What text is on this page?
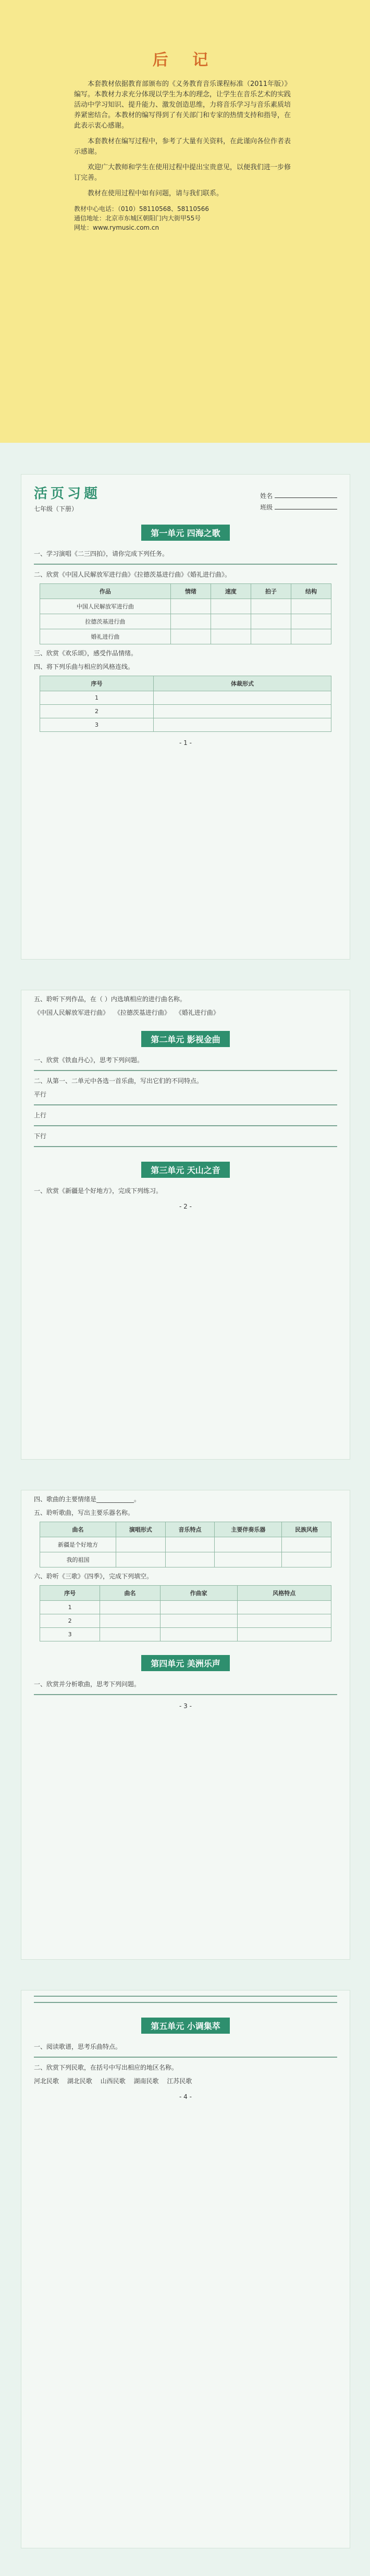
后 记

本套教材依据教育部颁布的《义务教育音乐课程标准（2011年版）》编写。本教材力求充分体现以学生为本的理念，让学生在音乐艺术的实践活动中学习知识、提升能力、激发创造思维，力将音乐学习与音乐素质培养紧密结合。本教材的编写得到了有关部门和专家的热情支持和指导，在此表示衷心感谢。

本套教材在编写过程中，参考了大量有关资料，在此谨向各位作者表示感谢。

欢迎广大教师和学生在使用过程中提出宝贵意见，以便我们进一步修订完善。

教材在使用过程中如有问题，请与我们联系。

教材中心电话：（010）58110568、58110566
通信地址：北京市东城区朝阳门内大街甲55号
网址：www.rymusic.com.cn
活页习题
七年级（下册）
姓名
班级
第一单元 四海之歌
一、学习演唱《二三四拍》，请你完成下列任务。
二、欣赏《中国人民解放军进行曲》《拉德茨基进行曲》《婚礼进行曲》。
作品	情绪	速度	拍子	结构
中国人民解放军进行曲				
拉德茨基进行曲				
婚礼进行曲				
三、欣赏《欢乐颂》，感受作品情绪。
四、将下列乐曲与相应的风格连线。
序号	体裁形式
1	
2	
3	
- 1 -
五、聆听下列作品，在（ ）内选填相应的进行曲名称。
《中国人民解放军进行曲》　 《拉德茨基进行曲》　 《婚礼进行曲》
第二单元 影视金曲
一、欣赏《铁血丹心》，思考下列问题。
二、从第一、二单元中各选一首乐曲，写出它们的不同特点。
平行
上行
下行
第三单元 天山之音
一、欣赏《新疆是个好地方》，完成下列练习。
- 2 -
四、歌曲的主要情绪是____________。
五、聆听歌曲，写出主要乐器名称。
曲名	演唱形式	音乐特点	主要伴奏乐器	民族风格
新疆是个好地方				
我的祖国				
六、聆听《三歌》《四季》，完成下列填空。
序号	曲名	作曲家	风格特点
1			
2			
3			
第四单元 美洲乐声
一、欣赏并分析歌曲，思考下列问题。
- 3 -
第五单元 小调集萃
一、阅读歌谱，思考乐曲特点。
二、欣赏下列民歌，在括号中写出相应的地区名称。
河北民歌　 湖北民歌　 山西民歌　 湖南民歌　 江苏民歌
- 4 -
